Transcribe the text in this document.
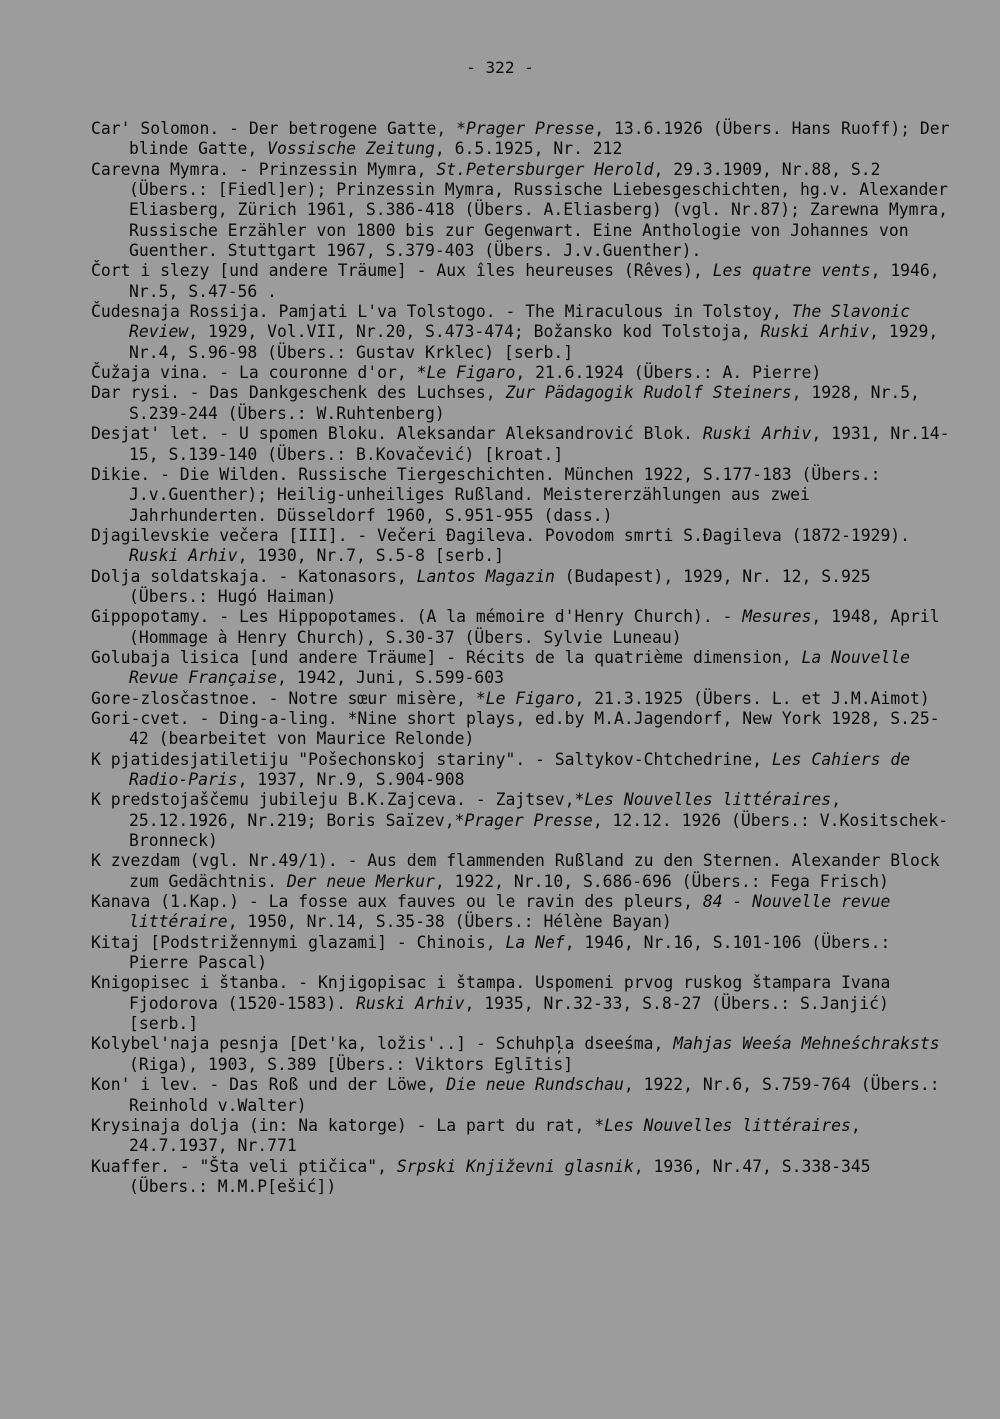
- 322 -
Car' Solomon. - Der betrogene Gatte, *Prager Presse, 13.6.1926 (Übers. Hans Ruoff); Der blinde Gatte, Vossische Zeitung, 6.5.1925, Nr. 212
Carevna Mymra. - Prinzessin Mymra, St.Petersburger Herold, 29.3.1909, Nr.88, S.2 (Übers.: [Fiedl]er); Prinzessin Mymra, Russische Liebesgeschichten, hg.v. Alexander Eliasberg, Zürich 1961, S.386-418 (Übers. A.Eliasberg) (vgl. Nr.87); Zarewna Mymra, Russische Erzähler von 1800 bis zur Gegenwart. Eine Anthologie von Johannes von Guenther. Stuttgart 1967, S.379-403 (Übers. J.v.Guenther).
Čort i slezy [und andere Träume] - Aux îles heureuses (Rêves), Les quatre vents, 1946, Nr.5, S.47-56 .
Čudesnaja Rossija. Pamjati L'va Tolstogo. - The Miraculous in Tolstoy, The Slavonic Review, 1929, Vol.VII, Nr.20, S.473-474; Božansko kod Tolstoja, Ruski Arhiv, 1929, Nr.4, S.96-98 (Übers.: Gustav Krklec) [serb.]
Čužaja vina. - La couronne d'or, *Le Figaro, 21.6.1924 (Übers.: A. Pierre)
Dar rysi. - Das Dankgeschenk des Luchses, Zur Pädagogik Rudolf Steiners, 1928, Nr.5, S.239-244 (Übers.: W.Ruhtenberg)
Desjat' let. - U spomen Bloku. Aleksandar Aleksandrović Blok. Ruski Arhiv, 1931, Nr.14-15, S.139-140 (Übers.: B.Kovačević) [kroat.]
Dikie. - Die Wilden. Russische Tiergeschichten. München 1922, S.177-183 (Übers.: J.v.Guenther); Heilig-unheiliges Rußland. Meistererzählungen aus zwei Jahrhunderten. Düsseldorf 1960, S.951-955 (dass.)
Djagilevskie večera [III]. - Večeri Đagileva. Povodom smrti S.Đagileva (1872-1929). Ruski Arhiv, 1930, Nr.7, S.5-8 [serb.]
Dolja soldatskaja. - Katonasors, Lantos Magazin (Budapest), 1929, Nr. 12, S.925 (Übers.: Hugó Haiman)
Gippopotamy. - Les Hippopotames. (A la mémoire d'Henry Church). - Mesures, 1948, April (Hommage à Henry Church), S.30-37 (Übers. Sylvie Luneau)
Golubaja lisica [und andere Träume] - Récits de la quatrième dimension, La Nouvelle Revue Française, 1942, Juni, S.599-603
Gore-zlosčastnoe. - Notre sœur misère, *Le Figaro, 21.3.1925 (Übers. L. et J.M.Aimot)
Gori-cvet. - Ding-a-ling. *Nine short plays, ed.by M.A.Jagendorf, New York 1928, S.25-42 (bearbeitet von Maurice Relonde)
K pjatidesjatiletiju "Pošechonskoj stariny". - Saltykov-Chtchedrine, Les Cahiers de Radio-Paris, 1937, Nr.9, S.904-908
K predstojaščemu jubileju B.K.Zajceva. - Zajtsev,*Les Nouvelles littéraires, 25.12.1926, Nr.219; Boris Saïzev,*Prager Presse, 12.12. 1926 (Übers.: V.Kositschek-Bronneck)
K zvezdam (vgl. Nr.49/1). - Aus dem flammenden Rußland zu den Sternen. Alexander Block zum Gedächtnis. Der neue Merkur, 1922, Nr.10, S.686-696 (Übers.: Fega Frisch)
Kanava (1.Kap.) - La fosse aux fauves ou le ravin des pleurs, 84 - Nouvelle revue littéraire, 1950, Nr.14, S.35-38 (Übers.: Hélène Bayan)
Kitaj [Podstrižennymi glazami] - Chinois, La Nef, 1946, Nr.16, S.101-106 (Übers.: Pierre Pascal)
Knigopisec i štanba. - Knjigopisac i štampa. Uspomeni prvog ruskog štampara Ivana Fjodorova (1520-1583). Ruski Arhiv, 1935, Nr.32-33, S.8-27 (Übers.: S.Janjić) [serb.]
Kolybel'naja pesnja [Det'ka, ložis'..] - Schuhpļa dseeśma, Mahjas Weeśa Mehneśchraksts (Riga), 1903, S.389 [Übers.: Viktors Eglītis]
Kon' i lev. - Das Roß und der Löwe, Die neue Rundschau, 1922, Nr.6, S.759-764 (Übers.: Reinhold v.Walter)
Krysinaja dolja (in: Na katorge) - La part du rat, *Les Nouvelles littéraires, 24.7.1937, Nr.771
Kuaffer. - "Šta veli ptičica", Srpski Književni glasnik, 1936, Nr.47, S.338-345 (Übers.: M.M.P[ešić])
